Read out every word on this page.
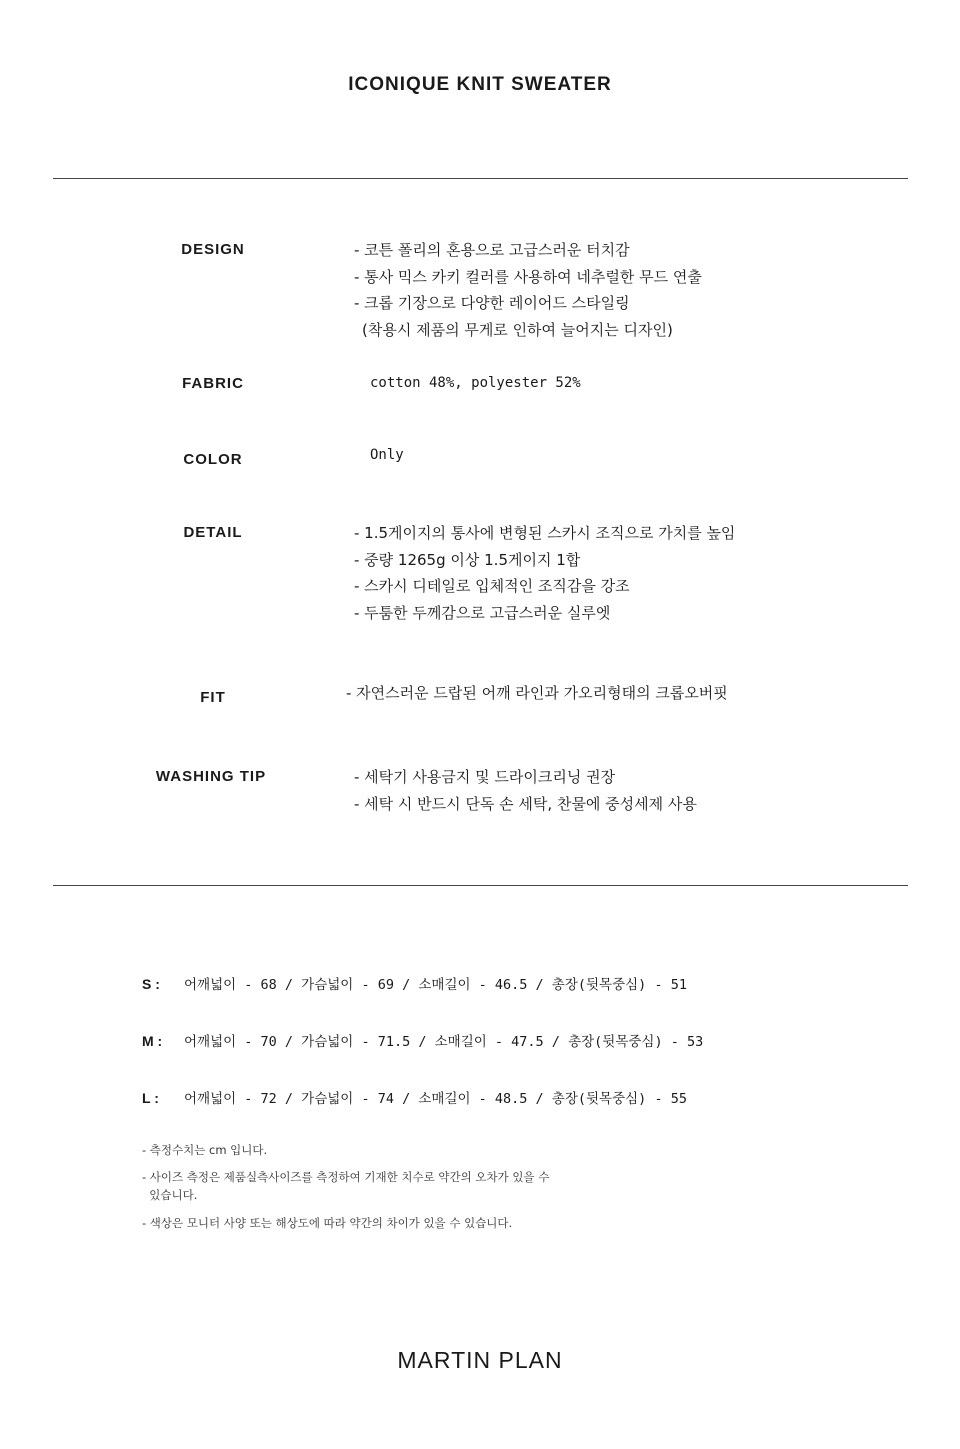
ICONIQUE KNIT SWEATER
DESIGN	- 코튼 폴리의 혼용으로 고급스러운 터치감
- 통사 믹스 카키 컬러를 사용하여 네추럴한 무드 연출
- 크롭 기장으로 다양한 레이어드 스타일링
(착용시 제품의 무게로 인하여 늘어지는 디자인)
FABRIC	cotton 48%, polyester 52%
COLOR	Only
DETAIL	- 1.5게이지의 통사에 변형된 스카시 조직으로 가치를 높임
- 중량 1265g 이상 1.5게이지 1합
- 스카시 디테일로 입체적인 조직감을 강조
- 두툼한 두께감으로 고급스러운 실루엣
FIT	- 자연스러운 드랍된 어깨 라인과 가오리형태의 크롭오버핏
WASHING TIP	- 세탁기 사용금지 및 드라이크리닝 권장
- 세탁 시 반드시 단독 손 세탁, 찬물에 중성세제 사용
S : 어깨넓이 - 68 / 가슴넓이 - 69 / 소매길이 - 46.5 / 총장(뒷목중심) - 51
M : 어깨넓이 - 70 / 가슴넓이 - 71.5 / 소매길이 - 47.5 / 총장(뒷목중심) - 53
L : 어깨넓이 - 72 / 가슴넓이 - 74 / 소매길이 - 48.5 / 총장(뒷목중심) - 55
- 측정수치는 cm 입니다.
- 사이즈 측정은 제품실측사이즈를 측정하여 기재한 치수로 약간의 오차가 있을 수
있습니다.
- 색상은 모니터 사양 또는 해상도에 따라 약간의 차이가 있을 수 있습니다.
MARTIN PLAN
